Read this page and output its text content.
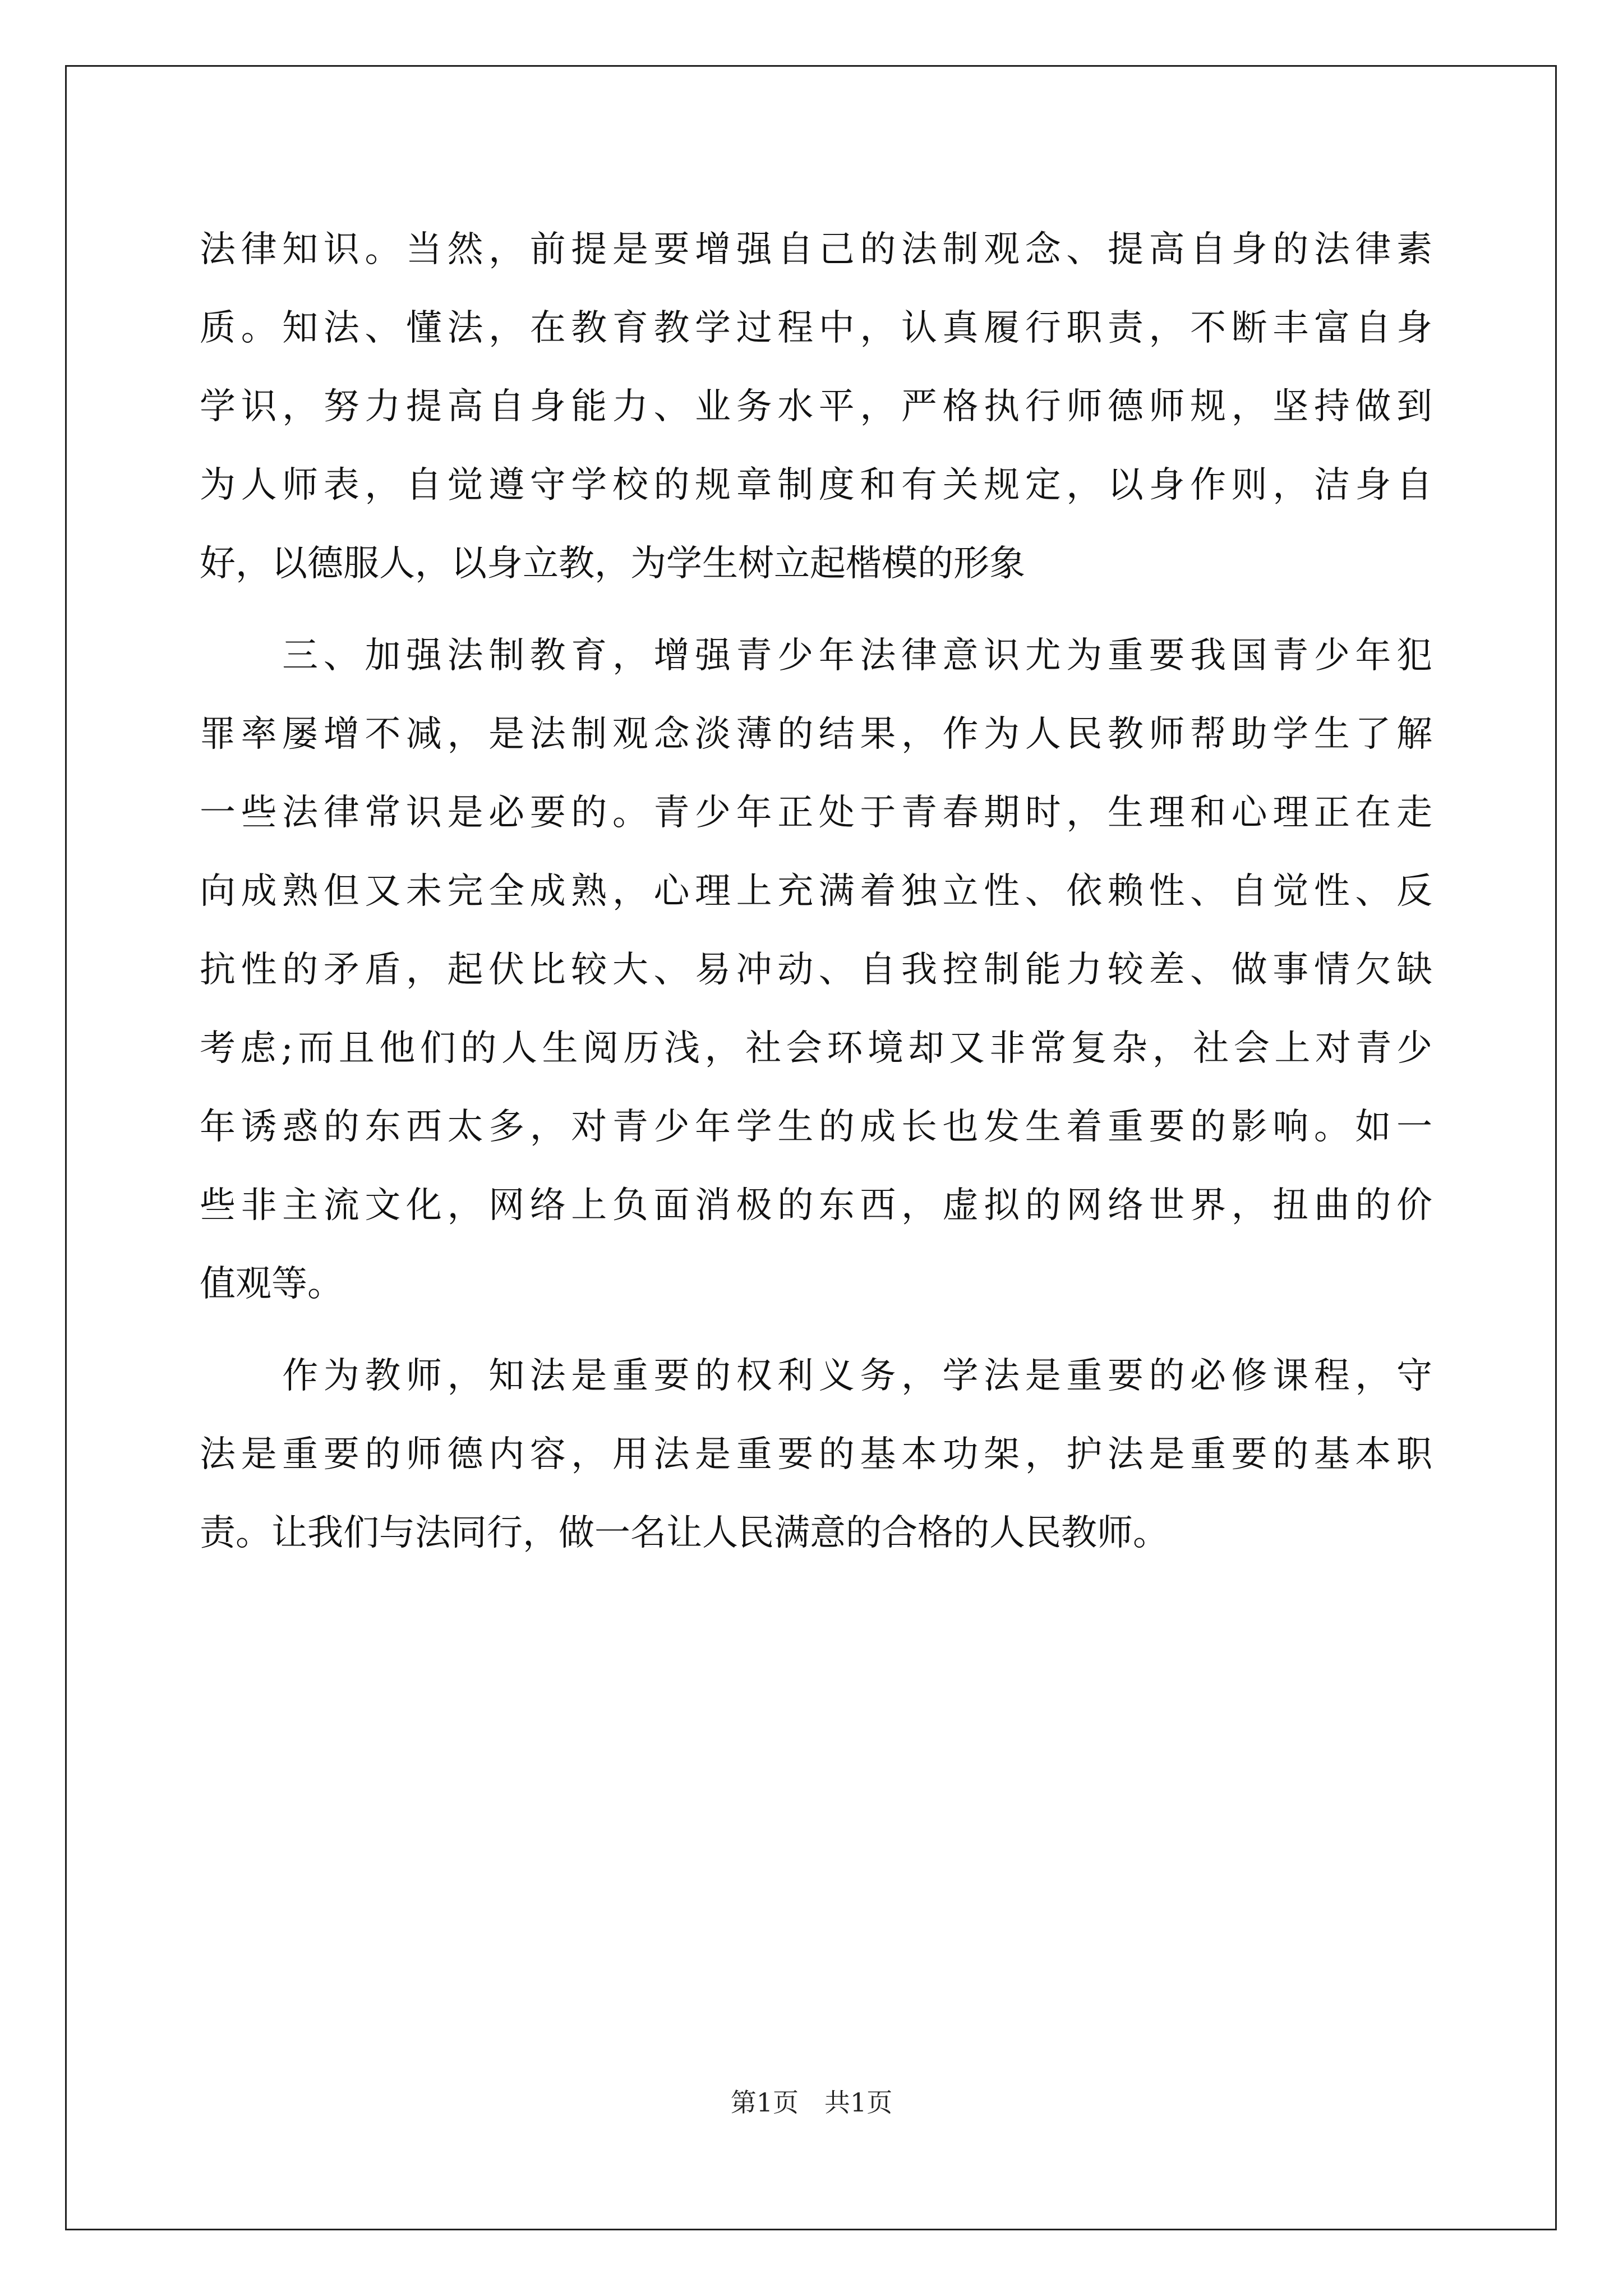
法律知识。当然，前提是要增强自己的法制观念、提高自身的法律素
质。知法、懂法，在教育教学过程中，认真履行职责，不断丰富自身
学识，努力提高自身能力、业务水平，严格执行师德师规，坚持做到
为人师表，自觉遵守学校的规章制度和有关规定，以身作则，洁身自
好，以德服人，以身立教，为学生树立起楷模的形象
　　三、加强法制教育，增强青少年法律意识尤为重要我国青少年犯
罪率屡增不减，是法制观念淡薄的结果，作为人民教师帮助学生了解
一些法律常识是必要的。青少年正处于青春期时，生理和心理正在走
向成熟但又未完全成熟，心理上充满着独立性、依赖性、自觉性、反
抗性的矛盾，起伏比较大、易冲动、自我控制能力较差、做事情欠缺
考虑;而且他们的人生阅历浅，社会环境却又非常复杂，社会上对青少
年诱惑的东西太多，对青少年学生的成长也发生着重要的影响。如一
些非主流文化，网络上负面消极的东西，虚拟的网络世界，扭曲的价
值观等。
　　作为教师，知法是重要的权利义务，学法是重要的必修课程，守
法是重要的师德内容，用法是重要的基本功架，护法是重要的基本职
责。让我们与法同行，做一名让人民满意的合格的人民教师。
第1页　共1页
